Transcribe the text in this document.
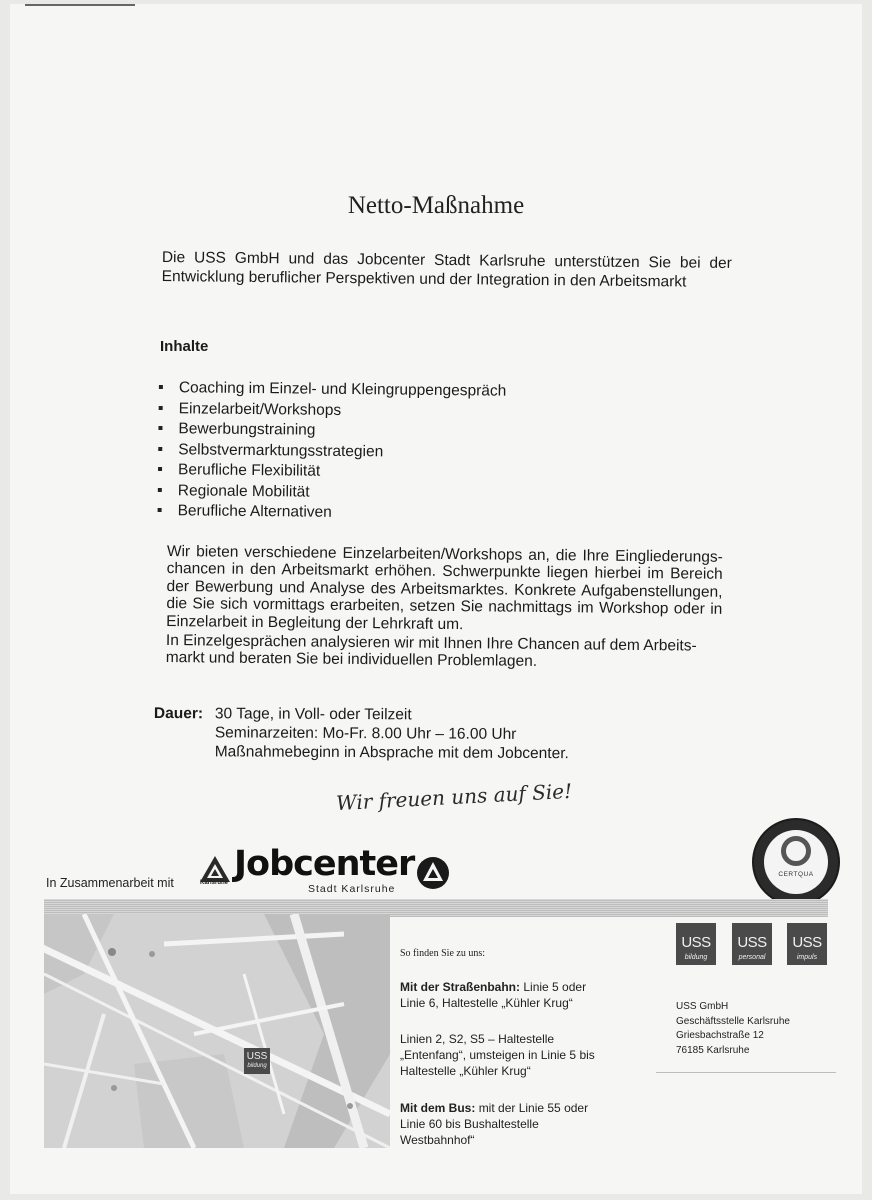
Netto-Maßnahme
Die USS GmbH und das Jobcenter Stadt Karlsruhe unterstützen Sie bei der
Entwicklung beruflicher Perspektiven und der Integration in den Arbeitsmarkt
Inhalte
Coaching im Einzel- und Kleingruppengespräch
Einzelarbeit/Workshops
Bewerbungstraining
Selbstvermarktungsstrategien
Berufliche Flexibilität
Regionale Mobilität
Berufliche Alternativen
Wir bieten verschiedene Einzelarbeiten/Workshops an, die Ihre Eingliederungs-chancen in den Arbeitsmarkt erhöhen. Schwerpunkte liegen hierbei im Bereich der Bewerbung und Analyse des Arbeitsmarktes. Konkrete Aufgabenstellungen, die Sie sich vormittags erarbeiten, setzen Sie nachmittags im Workshop oder in Einzelarbeit in Begleitung der Lehrkraft um.
In Einzelgesprächen analysieren wir mit Ihnen Ihre Chancen auf dem Arbeits-markt und beraten Sie bei individuellen Problemlagen.
Dauer: 30 Tage, in Voll- oder Teilzeit
Seminarzeiten: Mo-Fr. 8.00 Uhr – 16.00 Uhr
Maßnahmebeginn in Absprache mit dem Jobcenter.
Wir freuen uns auf Sie!
CERTQUA
In Zusammenarbeit mit	Karlsruhe Jobcenter
Stadt Karlsruhe
USS
bildung
So finden Sie zu uns:
Mit der Straßenbahn: Linie 5 oder
Linie 6, Haltestelle „Kühler Krug“
Linien 2, S2, S5 – Haltestelle
„Entenfang“, umsteigen in Linie 5 bis
Haltestelle „Kühler Krug“
Mit dem Bus: mit der Linie 55 oder
Linie 60 bis Bushaltestelle
Westbahnhof“
USS
bildung
USS
personal
USS
impuls
USS GmbH
Geschäftsstelle Karlsruhe
Griesbachstraße 12
76185 Karlsruhe
